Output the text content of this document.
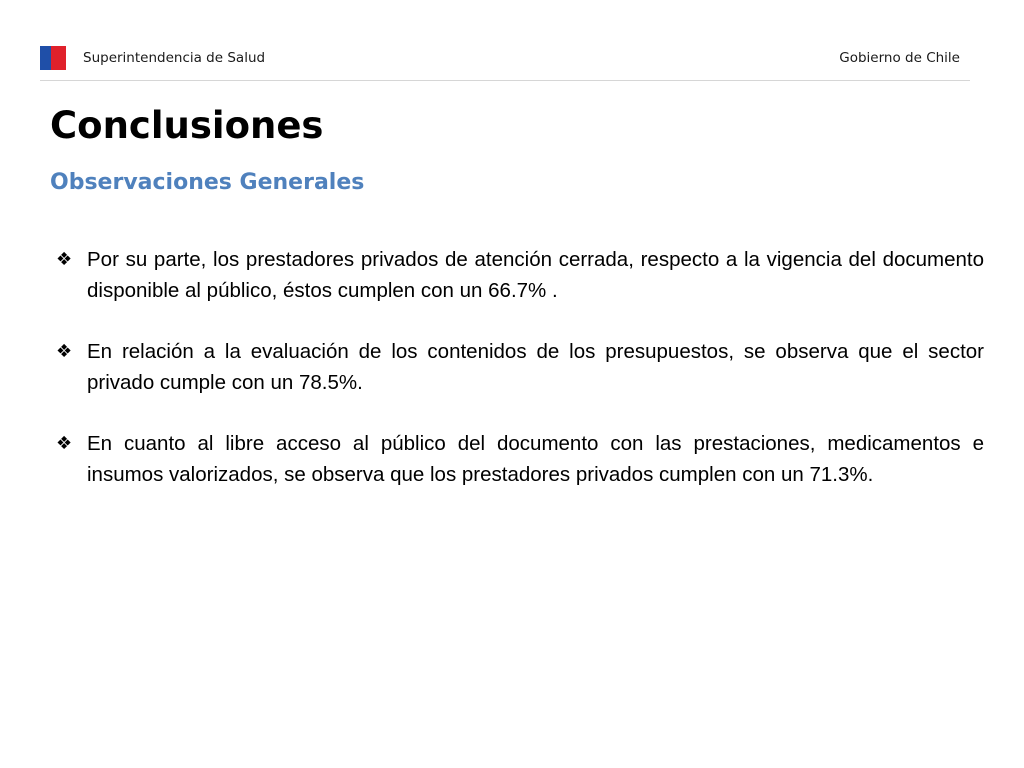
Superintendencia de Salud	Gobierno de Chile
Conclusiones
Observaciones Generales
❖ Por su parte, los prestadores privados de atención cerrada, respecto a la vigencia del documento disponible al público, éstos cumplen con un 66.7% .
❖ En relación a la evaluación de los contenidos de los presupuestos, se observa que el sector privado cumple con un 78.5%.
❖ En cuanto al libre acceso al público del documento con las prestaciones, medicamentos e insumos valorizados, se observa que los prestadores privados cumplen con un 71.3%.
